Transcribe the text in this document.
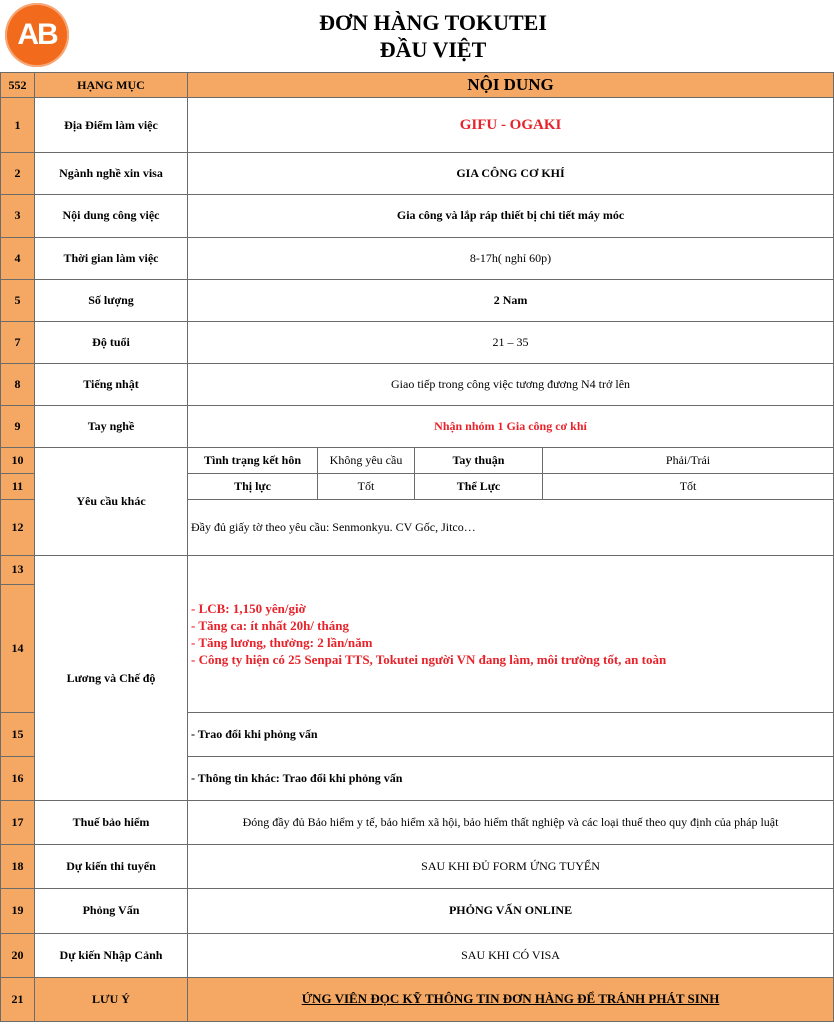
AB	ĐƠN HÀNG TOKUTEI
ĐẦU VIỆT
552	HẠNG MỤC	NỘI DUNG			
1	Địa Điểm làm việc	GIFU - OGAKI			
2	Ngành nghề xin visa	GIA CÔNG CƠ KHÍ			
3	Nội dung công việc	Gia công và lắp ráp thiết bị chi tiết máy móc			
4	Thời gian làm việc	8-17h( nghỉ 60p)			
5	Số lượng	2 Nam			
7	Độ tuổi	21 – 35			
8	Tiếng nhật	Giao tiếp trong công việc tương đương N4 trở lên			
9	Tay nghề	Nhận nhóm 1 Gia công cơ khí			
10	Yêu cầu khác	Tình trạng kết hôn	Không yêu cầu	Tay thuận	Phải/Trái
11		Thị lực	Tốt	Thể Lực	Tốt
12		Đầy đủ giấy tờ theo yêu cầu: Senmonkyu. CV Gốc, Jitco…			
13	Lương và Chế độ	- LCB: 1,150 yên/giờ
- Tăng ca: ít nhất 20h/ tháng
- Tăng lương, thưởng: 2 lần/năm
- Công ty hiện có 25 Senpai TTS, Tokutei người VN đang làm, môi trường tốt, an toàn			

14					
15		- Trao đổi khi phỏng vấn			
16		- Thông tin khác: Trao đổi khi phỏng vấn			
17	Thuế bảo hiểm	Đóng đầy đủ Bảo hiểm y tế, bảo hiểm xã hội, bảo hiểm thất nghiệp và các loại thuế theo quy định của pháp luật			
18	Dự kiến thi tuyển	SAU KHI ĐỦ FORM ỨNG TUYỂN			
19	Phỏng Vấn	PHỎNG VẤN ONLINE			
20	Dự kiến Nhập Cảnh	SAU KHI CÓ VISA			
21	LƯU Ý	ỨNG VIÊN ĐỌC KỸ THÔNG TIN ĐƠN HÀNG ĐỂ TRÁNH PHÁT SINH			
